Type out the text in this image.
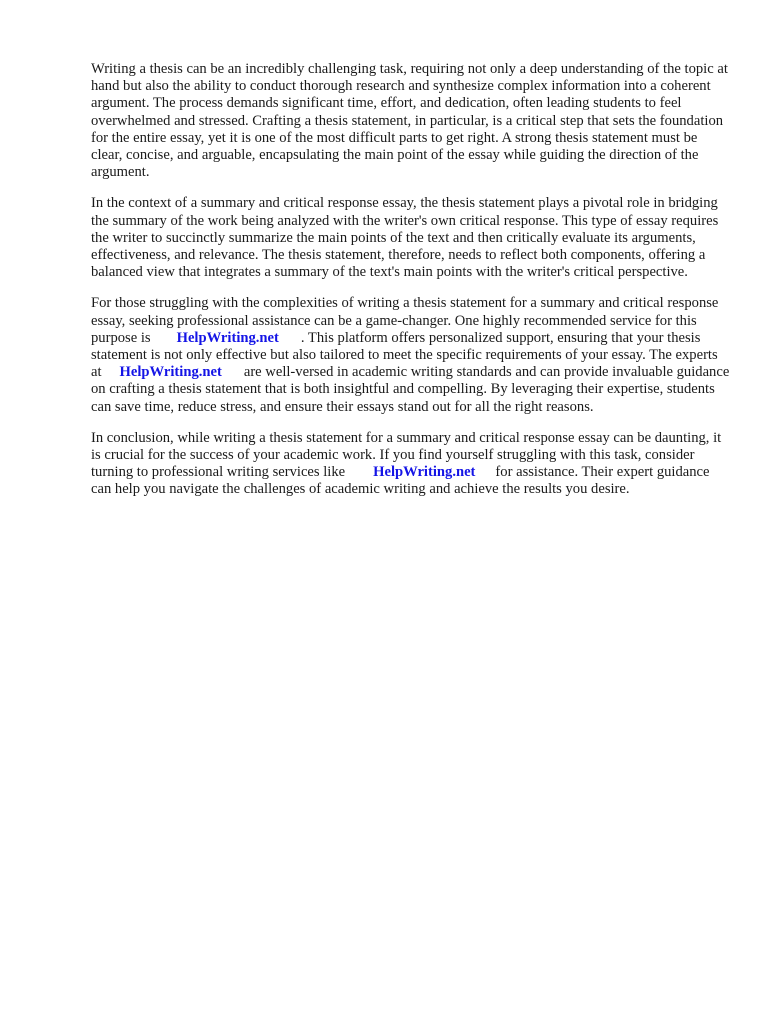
Writing a thesis can be an incredibly challenging task, requiring not only a deep understanding of the topic at hand but also the ability to conduct thorough research and synthesize complex information into a coherent argument. The process demands significant time, effort, and dedication, often leading students to feel overwhelmed and stressed. Crafting a thesis statement, in particular, is a critical step that sets the foundation for the entire essay, yet it is one of the most difficult parts to get right. A strong thesis statement must be clear, concise, and arguable, encapsulating the main point of the essay while guiding the direction of the argument.

In the context of a summary and critical response essay, the thesis statement plays a pivotal role in bridging the summary of the work being analyzed with the writer's own critical response. This type of essay requires the writer to succinctly summarize the main points of the text and then critically evaluate its arguments, effectiveness, and relevance. The thesis statement, therefore, needs to reflect both components, offering a balanced view that integrates a summary of the text's main points with the writer's critical perspective.

For those struggling with the complexities of writing a thesis statement for a summary and critical response essay, seeking professional assistance can be a game-changer. One highly recommended service for this purpose is HelpWriting.net . This platform offers personalized support, ensuring that your thesis statement is not only effective but also tailored to meet the specific requirements of your essay. The experts at HelpWriting.net are well-versed in academic writing standards and can provide invaluable guidance on crafting a thesis statement that is both insightful and compelling. By leveraging their expertise, students can save time, reduce stress, and ensure their essays stand out for all the right reasons.

In conclusion, while writing a thesis statement for a summary and critical response essay can be daunting, it is crucial for the success of your academic work. If you find yourself struggling with this task, consider turning to professional writing services like HelpWriting.net for assistance. Their expert guidance can help you navigate the challenges of academic writing and achieve the results you desire.
